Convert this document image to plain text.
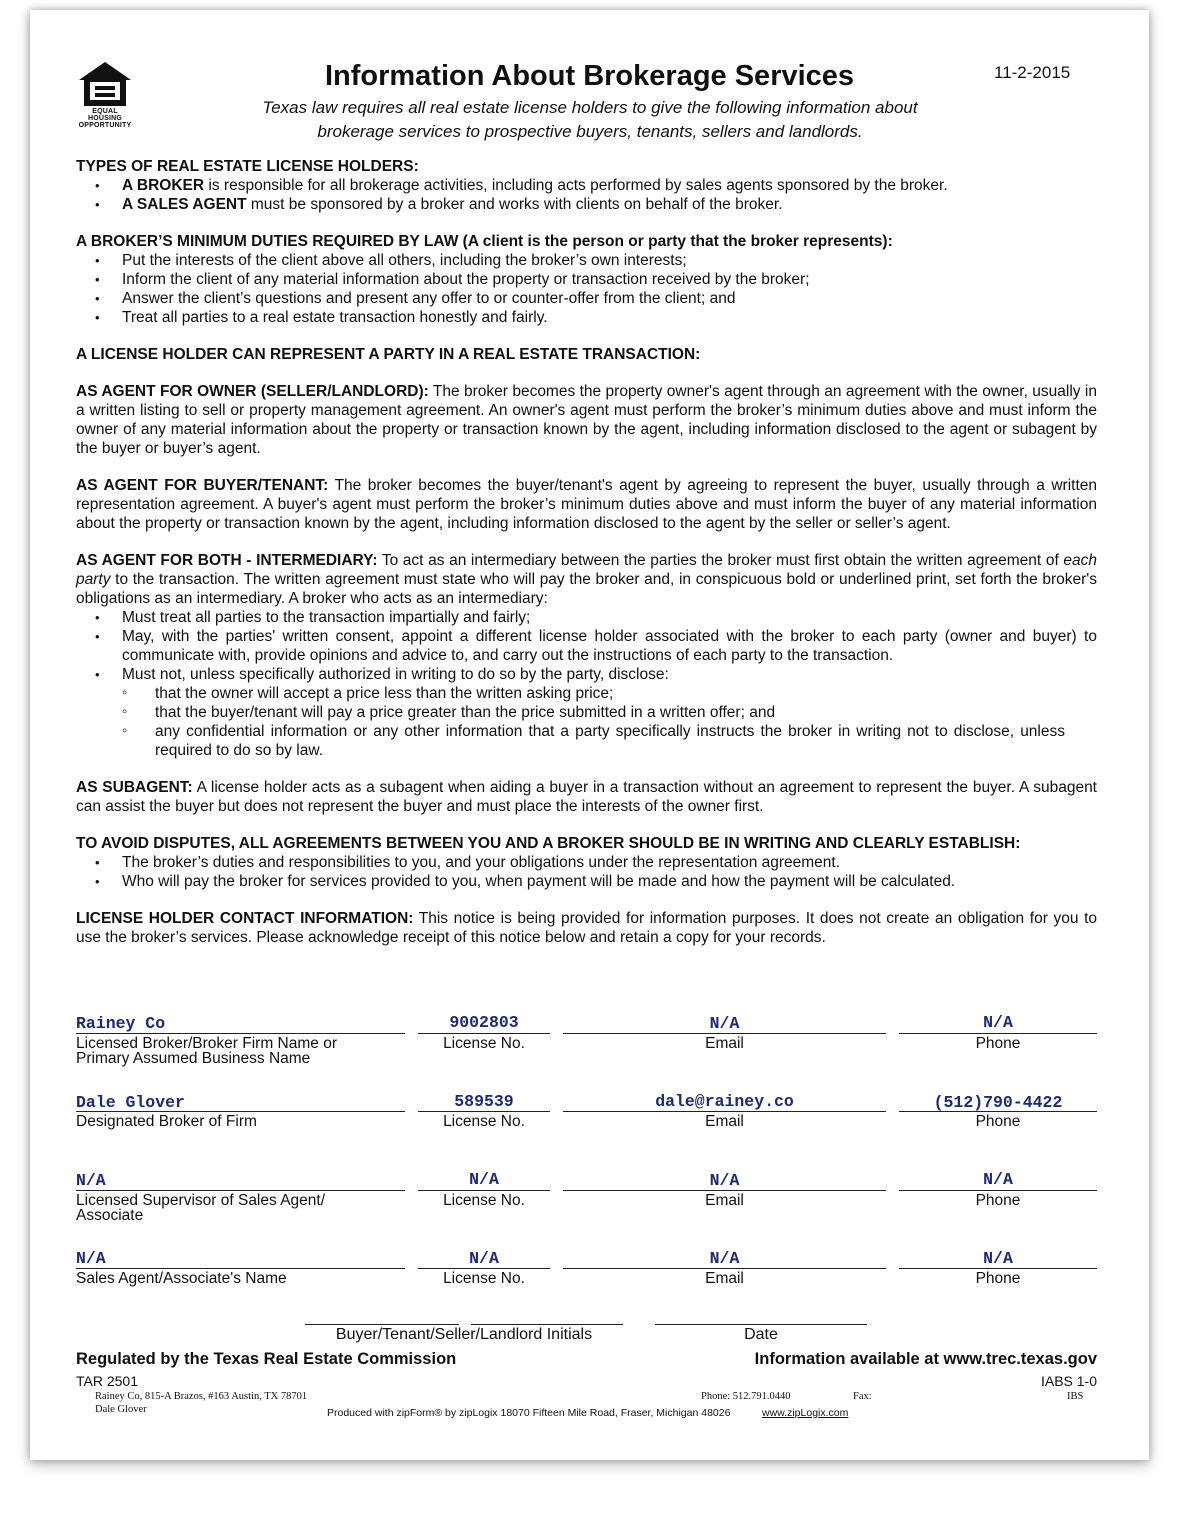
EQUAL HOUSING
OPPORTUNITY
Information About Brokerage Services	11-2-2015
Texas law requires all real estate license holders to give the following information about
brokerage services to prospective buyers, tenants, sellers and landlords.

TYPES OF REAL ESTATE LICENSE HOLDERS:

• A BROKER is responsible for all brokerage activities, including acts performed by sales agents sponsored by the broker.
• A SALES AGENT must be sponsored by a broker and works with clients on behalf of the broker.

A BROKER’S MINIMUM DUTIES REQUIRED BY LAW (A client is the person or party that the broker represents):

• Put the interests of the client above all others, including the broker’s own interests;
• Inform the client of any material information about the property or transaction received by the broker;
• Answer the client’s questions and present any offer to or counter-offer from the client; and
• Treat all parties to a real estate transaction honestly and fairly.

A LICENSE HOLDER CAN REPRESENT A PARTY IN A REAL ESTATE TRANSACTION:

AS AGENT FOR OWNER (SELLER/LANDLORD): The broker becomes the property owner's agent through an agreement with the owner, usually in a written listing to sell or property management agreement. An owner's agent must perform the broker’s minimum duties above and must inform the owner of any material information about the property or transaction known by the agent, including information disclosed to the agent or subagent by the buyer or buyer’s agent.

AS AGENT FOR BUYER/TENANT: The broker becomes the buyer/tenant's agent by agreeing to represent the buyer, usually through a written representation agreement. A buyer's agent must perform the broker’s minimum duties above and must inform the buyer of any material information about the property or transaction known by the agent, including information disclosed to the agent by the seller or seller’s agent.

AS AGENT FOR BOTH - INTERMEDIARY: To act as an intermediary between the parties the broker must first obtain the written agreement of each party to the transaction. The written agreement must state who will pay the broker and, in conspicuous bold or underlined print, set forth the broker's obligations as an intermediary. A broker who acts as an intermediary:

• Must treat all parties to the transaction impartially and fairly;
• May, with the parties' written consent, appoint a different license holder associated with the broker to each party (owner and buyer) to communicate with, provide opinions and advice to, and carry out the instructions of each party to the transaction.
• Must not, unless specifically authorized in writing to do so by the party, disclose:
◦ that the owner will accept a price less than the written asking price;
◦ that the buyer/tenant will pay a price greater than the price submitted in a written offer; and
◦ any confidential information or any other information that a party specifically instructs the broker in writing not to disclose, unless required to do so by law.

AS SUBAGENT: A license holder acts as a subagent when aiding a buyer in a transaction without an agreement to represent the buyer. A subagent can assist the buyer but does not represent the buyer and must place the interests of the owner first.

TO AVOID DISPUTES, ALL AGREEMENTS BETWEEN YOU AND A BROKER SHOULD BE IN WRITING AND CLEARLY ESTABLISH:

• The broker’s duties and responsibilities to you, and your obligations under the representation agreement.
• Who will pay the broker for services provided to you, when payment will be made and how the payment will be calculated.

LICENSE HOLDER CONTACT INFORMATION: This notice is being provided for information purposes. It does not create an obligation for you to use the broker’s services. Please acknowledge receipt of this notice below and retain a copy for your records.

Rainey Co	9002803	N/A	N/A
Licensed Broker/Broker Firm Name or
Primary Assumed Business Name
License No.	Email	Phone
Dale Glover	589539	dale@rainey.co	(512)790-4422
Designated Broker of Firm	License No.	Email	Phone
N/A	N/A	N/A	N/A
Licensed Supervisor of Sales Agent/
Associate
License No.	Email	Phone
N/A	N/A	N/A	N/A
Sales Agent/Associate's Name	License No.	Email	Phone
Buyer/Tenant/Seller/Landlord Initials	Date
Regulated by the Texas Real Estate Commission	Information available at www.trec.texas.gov
TAR 2501	IABS 1-0
Rainey Co, 815-A Brazos, #163 Austin, TX 78701
Dale Glover
Phone: 512.791.0440	Fax:	IBS
Produced with zipForm® by zipLogix 18070 Fifteen Mile Road, Fraser, Michigan 48026	www.zipLogix.com
